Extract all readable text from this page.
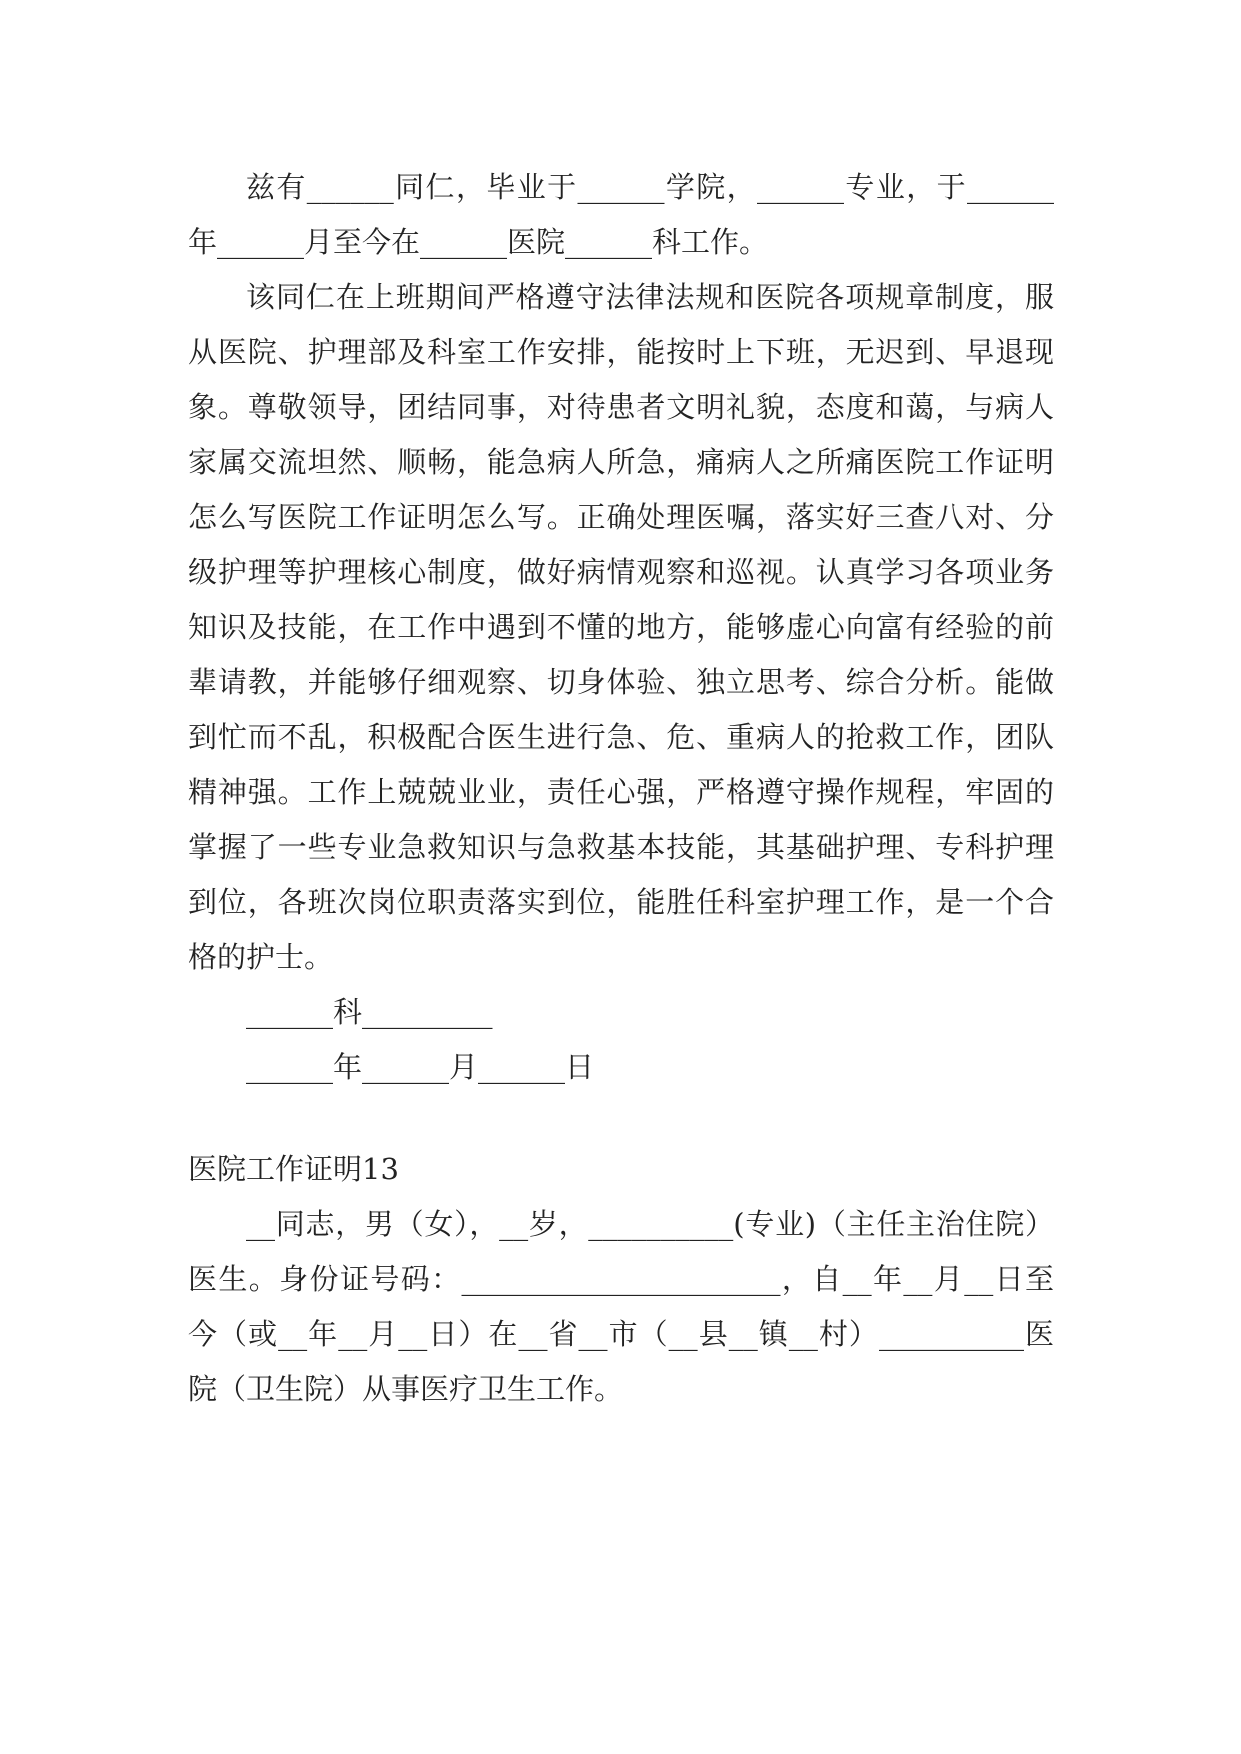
兹有______同仁，毕业于______学院，______专业，于______年______月至今在______医院______科工作。

该同仁在上班期间严格遵守法律法规和医院各项规章制度，服从医院、护理部及科室工作安排，能按时上下班，无迟到、早退现象。尊敬领导，团结同事，对待患者文明礼貌，态度和蔼，与病人家属交流坦然、顺畅，能急病人所急，痛病人之所痛医院工作证明怎么写医院工作证明怎么写。正确处理医嘱，落实好三查八对、分级护理等护理核心制度，做好病情观察和巡视。认真学习各项业务知识及技能，在工作中遇到不懂的地方，能够虚心向富有经验的前辈请教，并能够仔细观察、切身体验、独立思考、综合分析。能做到忙而不乱，积极配合医生进行急、危、重病人的抢救工作，团队精神强。工作上兢兢业业，责任心强，严格遵守操作规程，牢固的掌握了一些专业急救知识与急救基本技能，其基础护理、专科护理到位，各班次岗位职责落实到位，能胜任科室护理工作，是一个合格的护士。

______科_________

______年______月______日

医院工作证明13

__同志，男（女），__岁，__________(专业)（主任主治住院）医生。身份证号码：______________________，自__年__月__日至今（或__年__月__日）在__省__市（__县__镇__村）__________医院（卫生院）从事医疗卫生工作。
